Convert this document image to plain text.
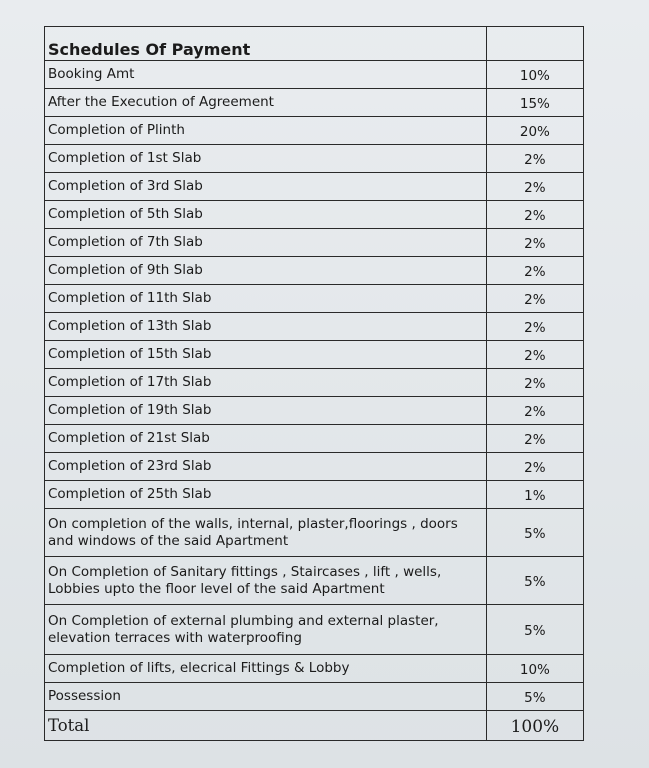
Schedules Of Payment	
Booking Amt	10%
After the Execution of Agreement	15%
Completion of Plinth	20%
Completion of 1st Slab	2%
Completion of 3rd Slab	2%
Completion of 5th Slab	2%
Completion of 7th Slab	2%
Completion of 9th Slab	2%
Completion of 11th Slab	2%
Completion of 13th Slab	2%
Completion of 15th Slab	2%
Completion of 17th Slab	2%
Completion of 19th Slab	2%
Completion of 21st Slab	2%
Completion of 23rd Slab	2%
Completion of 25th Slab	1%
On completion of the walls, internal, plaster,floorings , doors
and windows of the said Apartment	5%
On Completion of Sanitary fittings , Staircases , lift , wells,
Lobbies upto the floor level of the said Apartment	5%
On Completion of external plumbing and external plaster,
elevation terraces with waterproofing	5%
Completion of lifts, elecrical Fittings & Lobby	10%
Possession	5%
Total	100%
